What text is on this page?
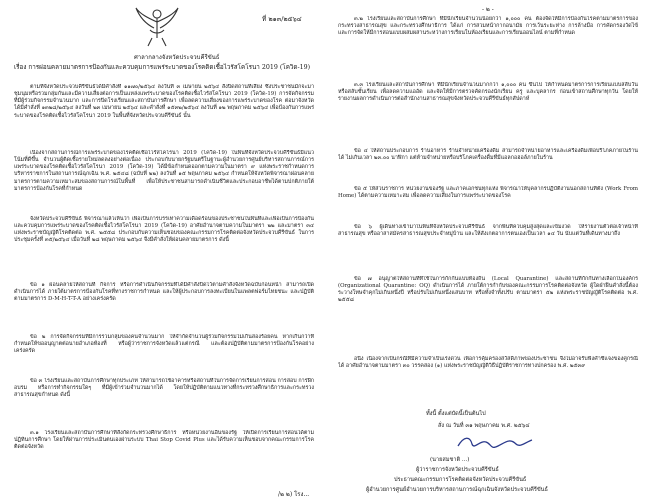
ที่ ๒๑๓/๒๕๖๔
ศาลากลางจังหวัดประจวบคีรีขันธ์
เรื่อง การผ่อนคลายมาตรการป้องกันและควบคุมการแพร่ระบาดของโรคติดเชื้อไวรัสโคโรนา 2019 (โควิด-19)

ตามที่จังหวัดประจวบคีรีขันธ์ได้มีคำสั่งที่ ๑๑๗๐/๒๕๖๔ ลงวันที่ ๓ เมษายน ๒๕๖๔ สั่งปิดสถานที่เสี่ยง ซึ่งประชาชนมักจะมาชุมนุมหรือรวมกลุ่มกันและมีความเสี่ยงต่อการเป็นแหล่งแพร่ระบาดของโรคติดเชื้อไวรัสโคโรนา 2019 (โควิด-19) การจัดกิจกรรมที่มีผู้ร่วมกิจกรรมจำนวนมาก และการปิดโรงเรียนและสถาบันการศึกษา เพื่อลดความเสี่ยงของการแพร่ระบาดของโรค ต่อมาจังหวัดได้มีคำสั่งที่ ๑๓๒๘/๒๕๖๔ ลงวันที่ ๒๓ เมษายน ๒๕๖๔ และคำสั่งที่ ๑๕๓๒/๒๕๖๔ ลงวันที่ ๑๒ พฤษภาคม ๒๕๖๔ เพื่อป้องกันการแพร่ระบาดของโรคติดเชื้อไวรัสโคโรนา 2019 ในพื้นที่จังหวัดประจวบคีรีขันธ์ นั้น

เนื่องจากสถานการณ์การแพร่ระบาดของโรคติดเชื้อไวรัสโคโรนา 2019 (โควิด-19) ในพื้นที่จังหวัดประจวบคีรีขันธ์มีแนวโน้มที่ดีขึ้น จำนวนผู้ติดเชื้อรายใหม่ลดลงอย่างต่อเนื่อง ประกอบกับนายกรัฐมนตรีในฐานะผู้อำนวยการศูนย์บริหารสถานการณ์การแพร่ระบาดของโรคติดเชื้อไวรัสโคโรนา 2019 (โควิด-19) ได้มีข้อกำหนดออกตามความในมาตรา ๙ แห่งพระราชกำหนดการบริหารราชการในสถานการณ์ฉุกเฉิน พ.ศ. ๒๕๔๘ (ฉบับที่ ๒๒) ลงวันที่ ๑๕ พฤษภาคม ๒๕๖๔ กำหนดให้จังหวัดพิจารณาผ่อนคลายมาตรการตามความเหมาะสมของสถานการณ์ในพื้นที่ เพื่อให้ประชาชนสามารถดำเนินชีวิตและประกอบอาชีพได้ตามปกติภายใต้มาตรการป้องกันโรคที่กำหนด

จังหวัดประจวบคีรีขันธ์ พิจารณาแล้วเห็นว่า เพื่อเป็นการบรรเทาความเดือดร้อนของประชาชนในพื้นที่และเพื่อเป็นการป้องกันและควบคุมการแพร่ระบาดของโรคติดเชื้อไวรัสโคโรนา 2019 (โควิด-19) อาศัยอำนาจตามความในมาตรา ๒๒ และมาตรา ๓๔ แห่งพระราชบัญญัติโรคติดต่อ พ.ศ. ๒๕๕๘ ประกอบกับความเห็นชอบของคณะกรรมการโรคติดต่อจังหวัดประจวบคีรีขันธ์ ในการประชุมครั้งที่ ๓๕/๒๕๖๔ เมื่อวันที่ ๒๘ พฤษภาคม ๒๕๖๔ จึงมีคำสั่งให้ผ่อนคลายมาตรการ ดังนี้

ข้อ ๑ ผ่อนคลายให้สถานที่ กิจการ หรือการดำเนินกิจกรรมที่ได้มีคำสั่งปิดไว้ตามคำสั่งจังหวัดฉบับก่อนหน้า สามารถเปิดดำเนินการได้ ภายใต้มาตรการป้องกันโรคที่ทางราชการกำหนด และให้ผู้ประกอบการลงทะเบียนในแพลตฟอร์มไทยชนะ และปฏิบัติตามมาตรการ D-M-H-T-T-A อย่างเคร่งครัด

ข้อ ๒ การจัดกิจกรรมที่มีการรวมกลุ่มของคนจำนวนมาก ให้จำกัดจำนวนผู้ร่วมกิจกรรมไม่เกินสองร้อยคน หากเกินกว่าที่กำหนดให้ขออนุญาตต่อนายอำเภอท้องที่ หรือผู้ว่าราชการจังหวัดแล้วแต่กรณี และต้องปฏิบัติตามมาตรการป้องกันโรคอย่างเคร่งครัด

ข้อ ๓ โรงเรียนและสถาบันการศึกษาทุกประเภท ให้สามารถใช้อาคารหรือสถานที่ในการจัดการเรียนการสอน การสอบ การฝึกอบรม หรือการทำกิจกรรมใดๆ ที่มีผู้เข้าร่วมจำนวนมากได้ โดยให้ปฏิบัติตามแนวทางที่กระทรวงศึกษาธิการและกระทรวงสาธารณสุขกำหนด ดังนี้

๓.๑ โรงเรียนและสถาบันการศึกษาที่สังกัดกระทรวงศึกษาธิการ หรือหน่วยงานอื่นของรัฐ ให้เปิดการเรียนการสอนได้ตามปฏิทินการศึกษา โดยให้ผ่านการประเมินตนเองผ่านระบบ Thai Stop Covid Plus และได้รับความเห็นชอบจากคณะกรรมการโรคติดต่อจังหวัด

/๒ ๒) โรง...
- ๒ -

๓.๒ โรงเรียนและสถาบันการศึกษา ที่มีนักเรียนจำนวนน้อยกว่า ๑,๐๐๐ คน ต้องจัดให้มีการป้องกันโรคตามมาตรการของกระทรวงสาธารณสุข และกระทรวงศึกษาธิการ ได้แก่ การสวมหน้ากากอนามัย การเว้นระยะห่าง การล้างมือ การคัดกรองวัดไข้ และการจัดให้มีการสอนแบบผสมผสานระหว่างการเรียนในห้องเรียนและการเรียนออนไลน์ ตามที่กำหนด

๓.๓ โรงเรียนและสถาบันการศึกษา ที่มีนักเรียนจำนวนมากกว่า ๑,๐๐๐ คน ขึ้นไป ให้กำหนดมาตรการการเรียนแบบสลับวันหรือสลับชั้นเรียน เพื่อลดความแออัด และจัดให้มีการตรวจคัดกรองนักเรียน ครู และบุคลากร ก่อนเข้าสถานศึกษาทุกวัน โดยให้รายงานผลการดำเนินการต่อสำนักงานสาธารณสุขจังหวัดประจวบคีรีขันธ์ทุกสัปดาห์

ข้อ ๔ ให้สถานประกอบการ ร้านอาหาร ร้านจำหน่ายเครื่องดื่ม สามารถจำหน่ายอาหารและเครื่องดื่มเพื่อบริโภคภายในร้านได้ ไม่เกินเวลา ๒๓.๐๐ นาฬิกา แต่ห้ามจำหน่ายหรือบริโภคเครื่องดื่มที่มีแอลกอฮอล์ภายในร้าน

ข้อ ๕ ให้ส่วนราชการ หน่วยงานของรัฐ และภาคเอกชนทุกแห่ง พิจารณาให้บุคลากรปฏิบัติงานนอกสถานที่ตั้ง (Work From Home) ได้ตามความเหมาะสม เพื่อลดความเสี่ยงในการแพร่ระบาดของโรค

ข้อ ๖ ผู้เดินทางเข้ามาในพื้นที่จังหวัดประจวบคีรีขันธ์ จากพื้นที่ควบคุมสูงสุดและเข้มงวด ให้รายงานตัวต่อเจ้าหน้าที่สาธารณสุข หรืออาสาสมัครสาธารณสุขประจำหมู่บ้าน และให้สังเกตอาการตนเองเป็นเวลา ๑๔ วัน นับแต่วันที่เดินทางมาถึง

ข้อ ๗ อนุญาตให้สถานที่ที่ใช้ในการกักกันแบบท้องถิ่น (Local Quarantine) และสถานที่กักกันทางเลือกในองค์กร (Organizational Quarantine: OQ) ดำเนินการได้ ภายใต้การกำกับของคณะกรรมการโรคติดต่อจังหวัด ผู้ใดฝ่าฝืนคำสั่งนี้ต้องระวางโทษจำคุกไม่เกินหนึ่งปี หรือปรับไม่เกินหนึ่งแสนบาท หรือทั้งจำทั้งปรับ ตามมาตรา ๕๒ แห่งพระราชบัญญัติโรคติดต่อ พ.ศ. ๒๕๕๘

อนึ่ง เนื่องจากเป็นกรณีที่มีความจำเป็นเร่งด่วน เพื่อการคุ้มครองสวัสดิภาพของประชาชน จึงไม่อาจรับฟังคำชี้แจงของคู่กรณีได้ อาศัยอำนาจตามมาตรา ๓๐ วรรคสอง (๑) แห่งพระราชบัญญัติวิธีปฏิบัติราชการทางปกครอง พ.ศ. ๒๕๓๙

ทั้งนี้ ตั้งแต่บัดนี้เป็นต้นไป
สั่ง ณ วันที่ ๓๑ พฤษภาคม พ.ศ. ๒๕๖๔
(นายสมชาติ ...)
ผู้ว่าราชการจังหวัดประจวบคีรีขันธ์
ประธานคณะกรรมการโรคติดต่อจังหวัดประจวบคีรีขันธ์
ผู้อำนวยการศูนย์อำนวยการบริหารสถานการณ์ฉุกเฉินจังหวัดประจวบคีรีขันธ์
